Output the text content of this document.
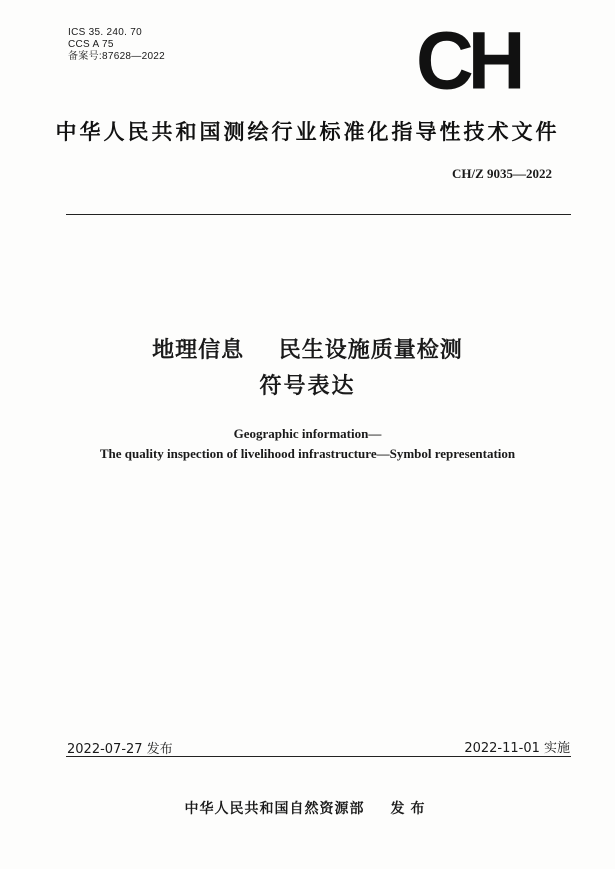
ICS 35. 240. 70
CCS A 75
备案号:87628—2022	CH
中华人民共和国测绘行业标准化指导性技术文件
CH/Z 9035—2022
地理信息    民生设施质量检测
符号表达
Geographic information—
The quality inspection of livelihood infrastructure—Symbol representation
2022-07-27 发布	2022-11-01 实施
中华人民共和国自然资源部 发布
